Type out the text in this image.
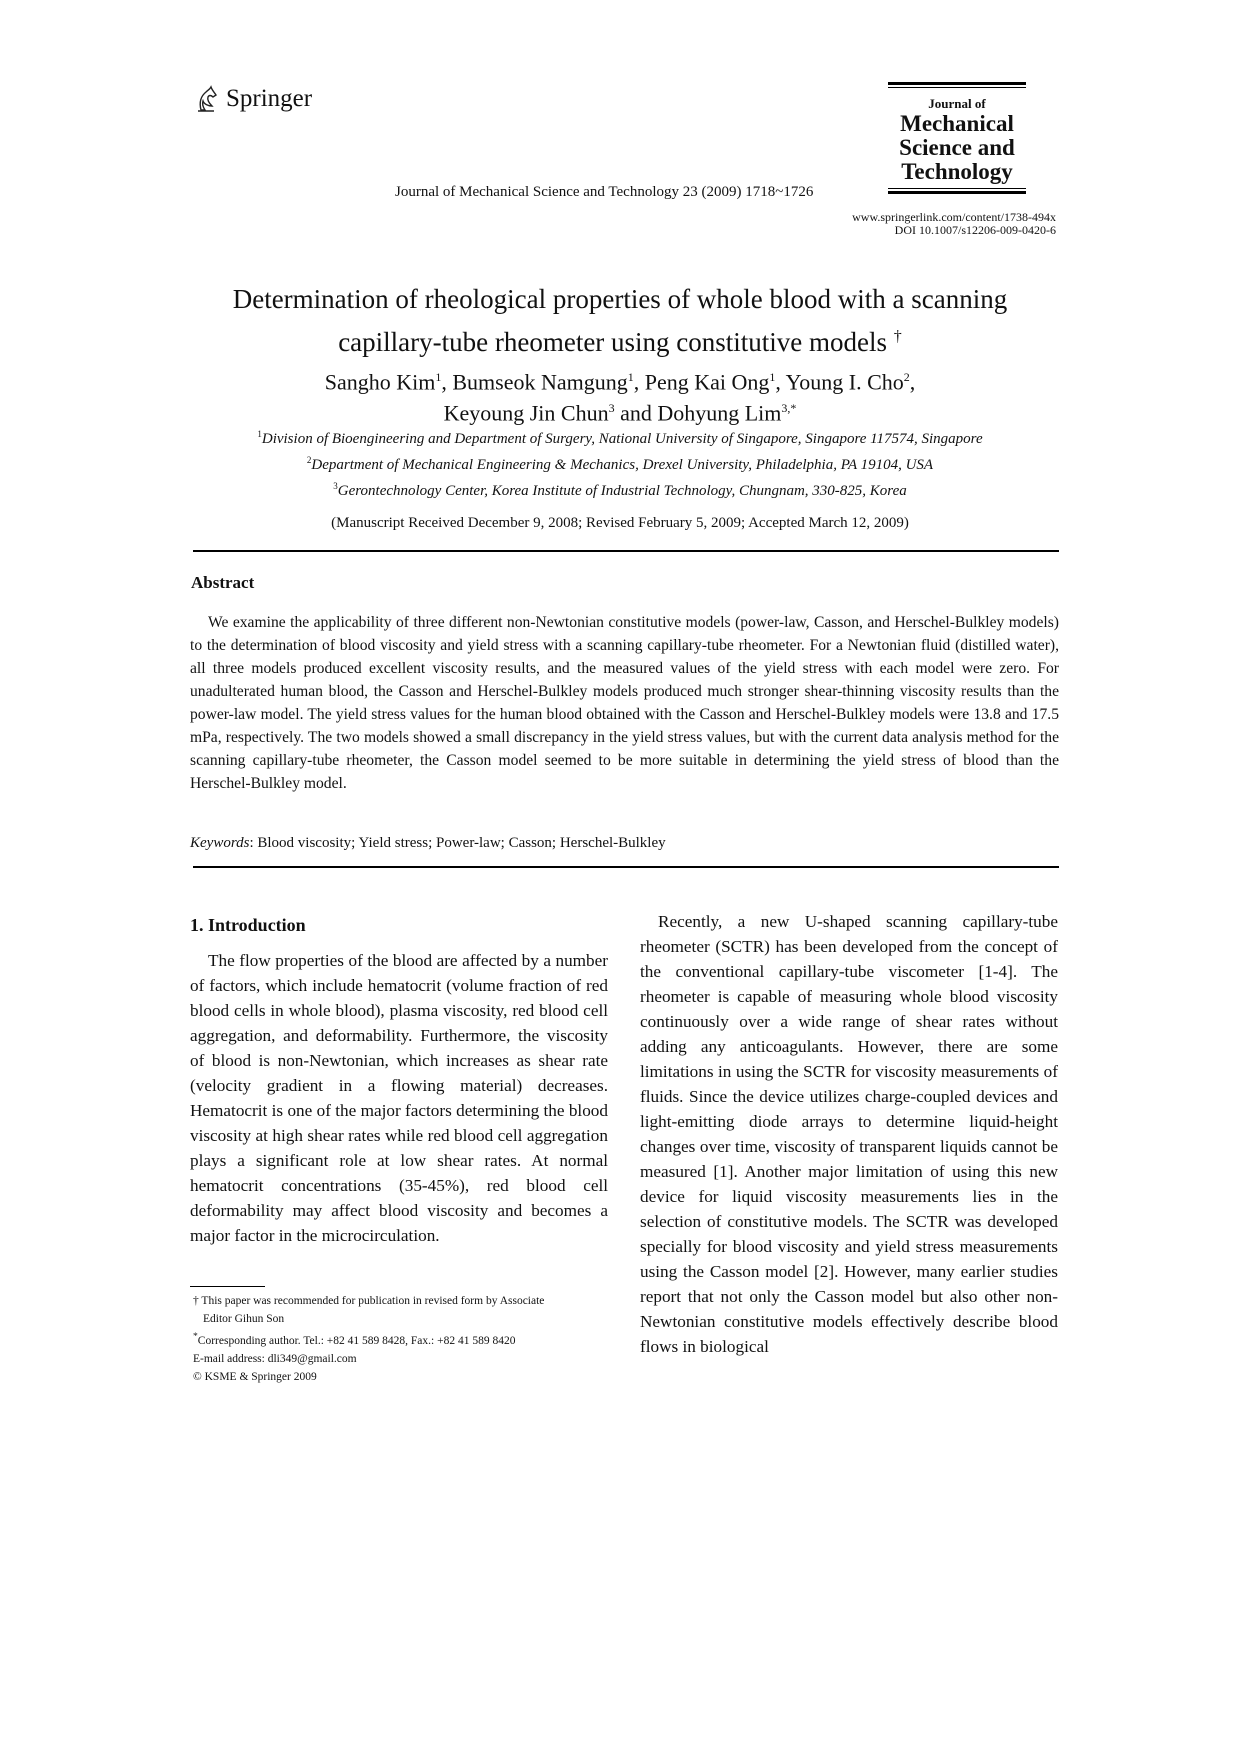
Springer	Journal of
Mechanical
Science and
Technology
Journal of Mechanical Science and Technology 23 (2009) 1718~1726
www.springerlink.com/content/1738-494x
DOI 10.1007/s12206-009-0420-6
Determination of rheological properties of whole blood with a scanning
capillary-tube rheometer using constitutive models †
Sangho Kim$^1$, Bumseok Namgung$^1$, Peng Kai Ong$^1$, Young I. Cho$^2$,
Keyoung Jin Chun$^3$ and Dohyung Lim$^{3,*}$
$^1$Division of Bioengineering and Department of Surgery, National University of Singapore, Singapore 117574, Singapore
$^2$Department of Mechanical Engineering & Mechanics, Drexel University, Philadelphia, PA 19104, USA
$^3$Gerontechnology Center, Korea Institute of Industrial Technology, Chungnam, 330-825, Korea
(Manuscript Received December 9, 2008; Revised February 5, 2009; Accepted March 12, 2009)
Abstract
We examine the applicability of three different non-Newtonian constitutive models (power-law, Casson, and Herschel-Bulkley models) to the determination of blood viscosity and yield stress with a scanning capillary-tube rheometer. For a Newtonian fluid (distilled water), all three models produced excellent viscosity results, and the measured values of the yield stress with each model were zero. For unadulterated human blood, the Casson and Herschel-Bulkley models produced much stronger shear-thinning viscosity results than the power-law model. The yield stress values for the human blood obtained with the Casson and Herschel-Bulkley models were 13.8 and 17.5 mPa, respectively. The two models showed a small discrepancy in the yield stress values, but with the current data analysis method for the scanning capillary-tube rheometer, the Casson model seemed to be more suitable in determining the yield stress of blood than the Herschel-Bulkley model.
Keywords: Blood viscosity; Yield stress; Power-law; Casson; Herschel-Bulkley
1. Introduction

The flow properties of the blood are affected by a number of factors, which include hematocrit (volume fraction of red blood cells in whole blood), plasma viscosity, red blood cell aggregation, and deformability. Furthermore, the viscosity of blood is non-Newtonian, which increases as shear rate (velocity gradient in a flowing material) decreases. Hematocrit is one of the major factors determining the blood viscosity at high shear rates while red blood cell aggregation plays a significant role at low shear rates. At normal hematocrit concentrations (35-45%), red blood cell deformability may affect blood viscosity and becomes a major factor in the microcirculation.

Recently, a new U-shaped scanning capillary-tube rheometer (SCTR) has been developed from the concept of the conventional capillary-tube viscometer [1-4]. The rheometer is capable of measuring whole blood viscosity continuously over a wide range of shear rates without adding any anticoagulants. However, there are some limitations in using the SCTR for viscosity measurements of fluids. Since the device utilizes charge-coupled devices and light-emitting diode arrays to determine liquid-height changes over time, viscosity of transparent liquids cannot be measured [1]. Another major limitation of using this new device for liquid viscosity measurements lies in the selection of constitutive models. The SCTR was developed specially for blood viscosity and yield stress measurements using the Casson model [2]. However, many earlier studies report that not only the Casson model but also other non-Newtonian constitutive models effectively describe blood flows in biological

† This paper was recommended for publication in revised form by Associate
Editor Gihun Son
*Corresponding author. Tel.: +82 41 589 8428, Fax.: +82 41 589 8420
E-mail address: dli349@gmail.com
© KSME & Springer 2009
